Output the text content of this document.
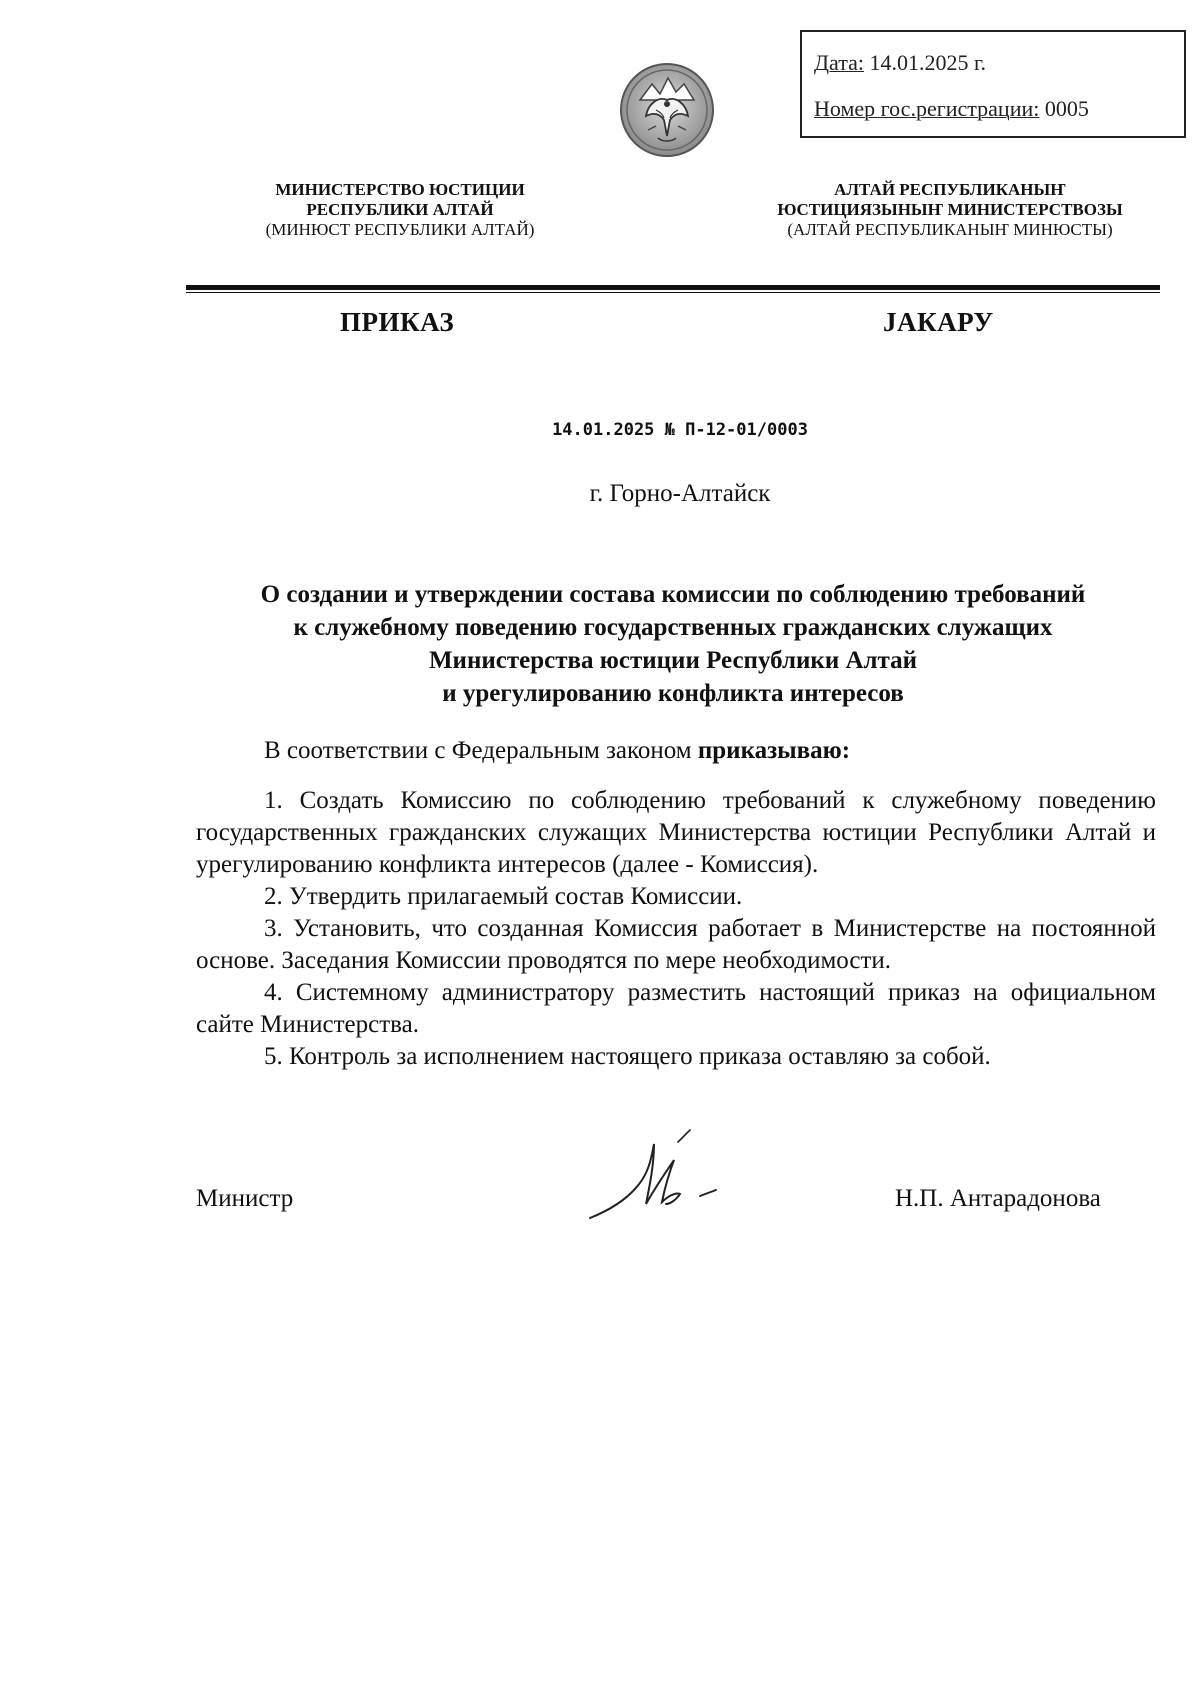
Дата: 14.01.2025 г.
Номер гос.регистрации: 0005
МИНИСТЕРСТВО ЮСТИЦИИ
РЕСПУБЛИКИ АЛТАЙ
(МИНЮСТ РЕСПУБЛИКИ АЛТАЙ)
АЛТАЙ РЕСПУБЛИКАНЫҤ
ЮСТИЦИЯЗЫНЫҤ МИНИСТЕРСТВОЗЫ
(АЛТАЙ РЕСПУБЛИКАНЫҤ МИНЮСТЫ)
ПРИКАЗ	ЈАКАРУ
14.01.2025 № П-12-01/0003
г. Горно-Алтайск
О создании и утверждении состава комиссии по соблюдению требований
к служебному поведению государственных гражданских служащих
Министерства юстиции Республики Алтай
и урегулированию конфликта интересов

В соответствии с Федеральным законом приказываю:

1. Создать Комиссию по соблюдению требований к служебному поведению государственных гражданских служащих Министерства юстиции Республики Алтай и урегулированию конфликта интересов (далее - Комиссия).

2. Утвердить прилагаемый состав Комиссии.

3. Установить, что созданная Комиссия работает в Министерстве на постоянной основе. Заседания Комиссии проводятся по мере необходимости.

4. Системному администратору разместить настоящий приказ на официальном сайте Министерства.

5. Контроль за исполнением настоящего приказа оставляю за собой.

Министр	Н.П. Антарадонова
